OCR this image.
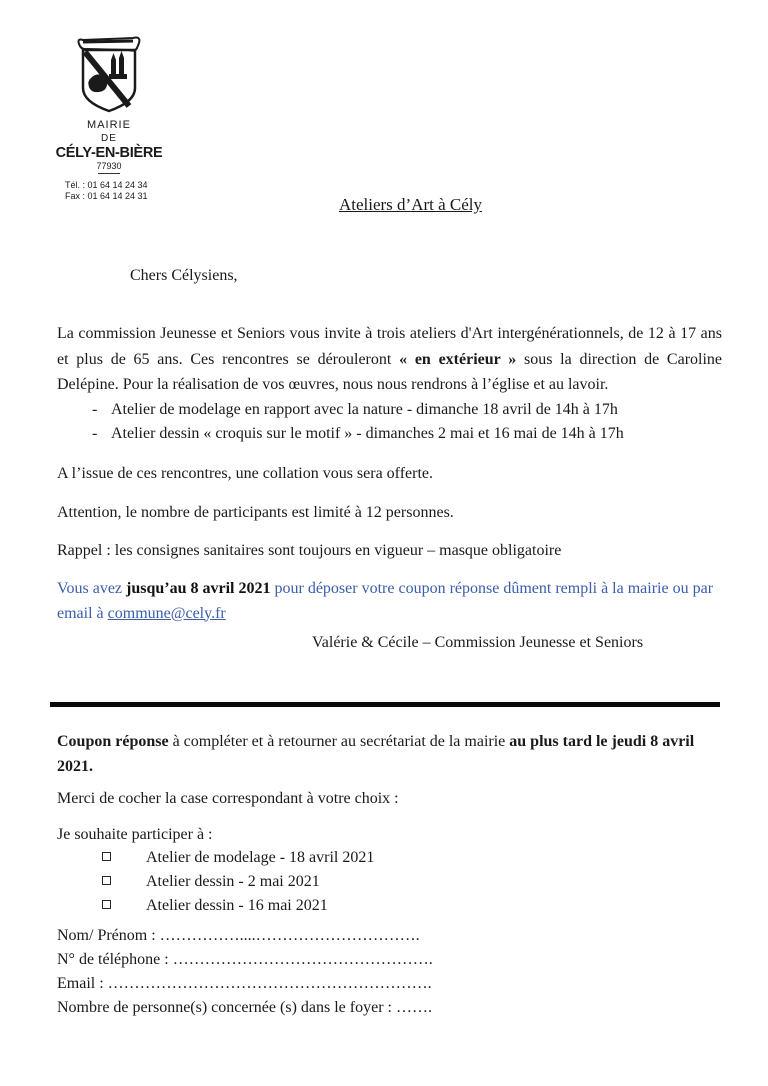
MAIRIE
DE
CÉLY-EN-BIÈRE
77930
Tél. : 01 64 14 24 34
Fax : 01 64 14 24 31	Ateliers d’Art à Cély
Chers Célysiens,

La commission Jeunesse et Seniors vous invite à trois ateliers d'Art intergénérationnels, de 12 à 17 ans et plus de 65 ans. Ces rencontres se dérouleront « en extérieur » sous la direction de Caroline Delépine. Pour la réalisation de vos œuvres, nous nous rendrons à l’église et au lavoir.

- Atelier de modelage en rapport avec la nature - dimanche 18 avril de 14h à 17h
- Atelier dessin « croquis sur le motif » - dimanches 2 mai et 16 mai de 14h à 17h
A l’issue de ces rencontres, une collation vous sera offerte.
Attention, le nombre de participants est limité à 12 personnes.
Rappel : les consignes sanitaires sont toujours en vigueur – masque obligatoire

Vous avez jusqu’au 8 avril 2021 pour déposer votre coupon réponse dûment rempli à la mairie ou par email à commune@cely.fr

Valérie & Cécile – Commission Jeunesse et Seniors

Coupon réponse à compléter et à retourner au secrétariat de la mairie au plus tard le jeudi 8 avril 2021.

Merci de cocher la case correspondant à votre choix :
Je souhaite participer à :
Atelier de modelage - 18 avril 2021
Atelier dessin - 2 mai 2021
Atelier dessin - 16 mai 2021
Nom/ Prénom : ……………....………………………….
N° de téléphone : ………………………………………….
Email : …………………………………………………….
Nombre de personne(s) concernée (s) dans le foyer : …….
